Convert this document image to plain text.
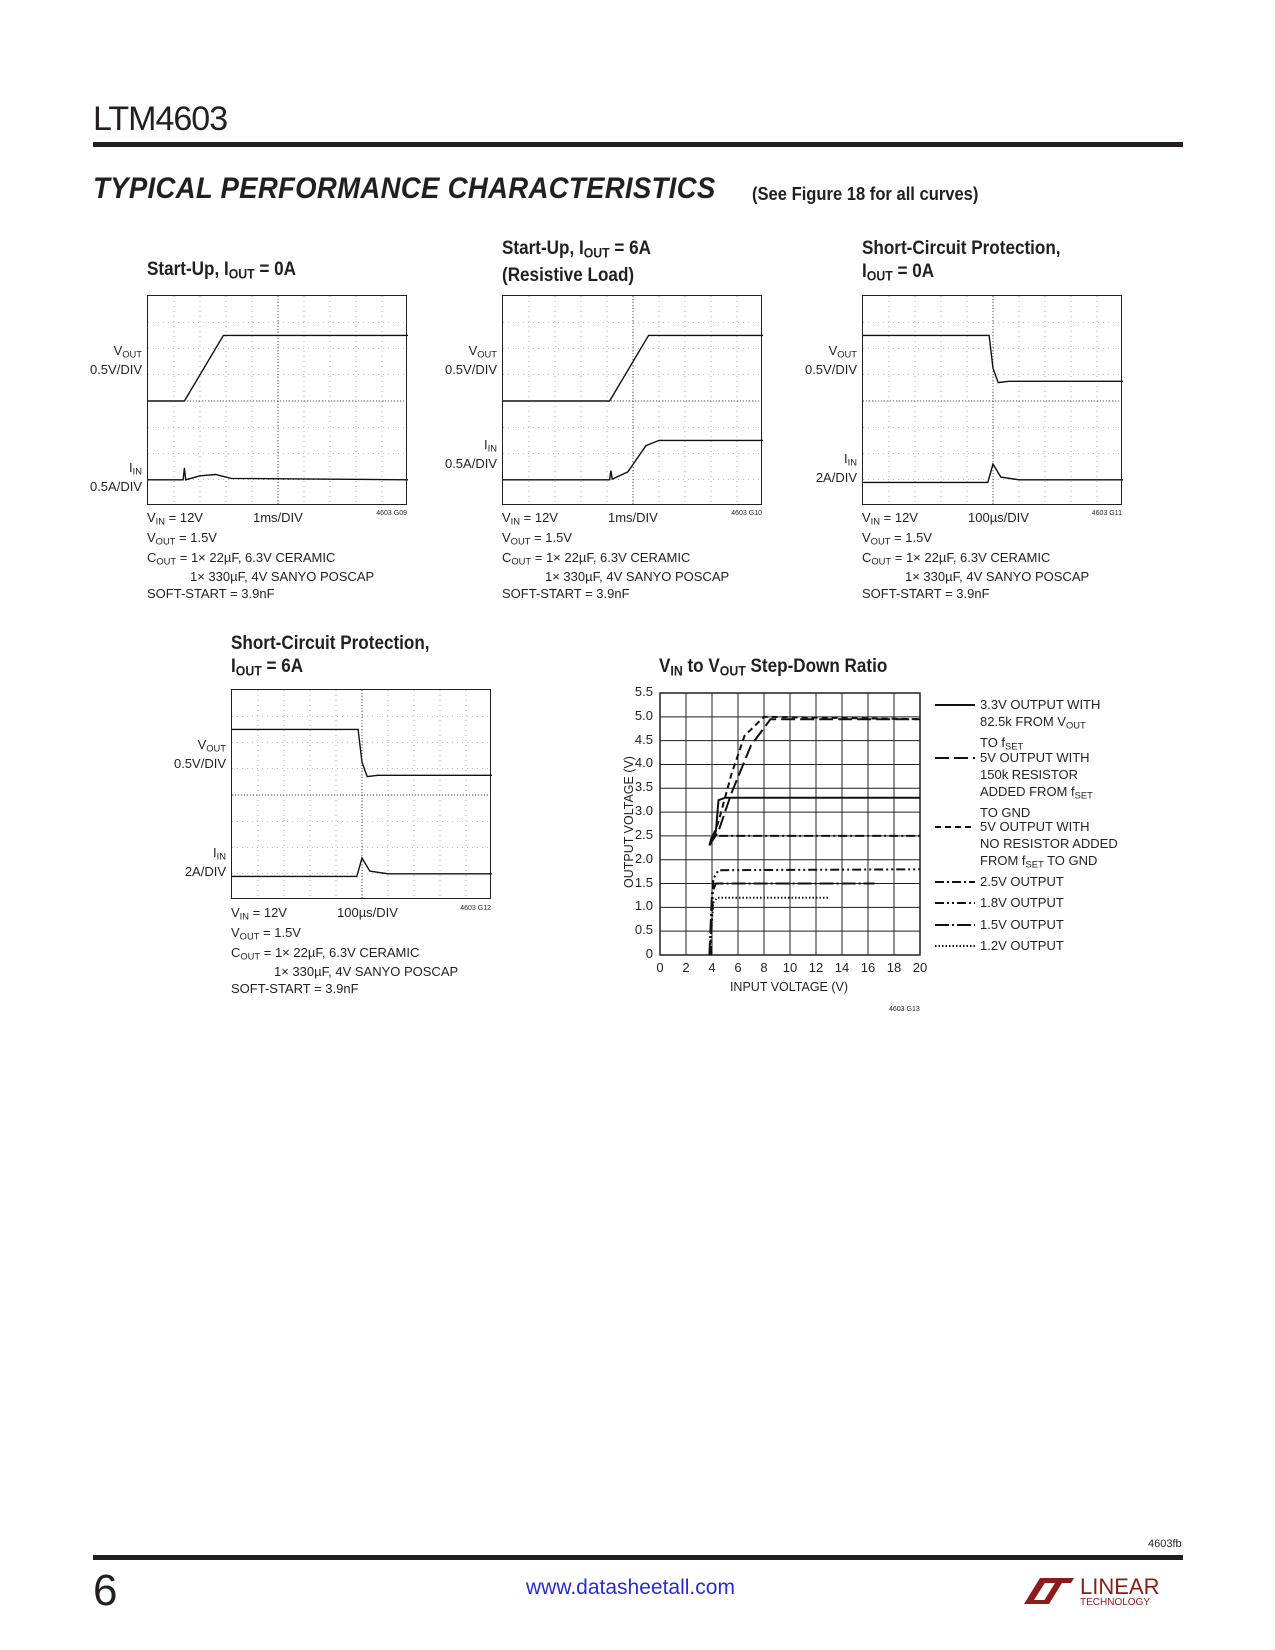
LTM4603
TYPICAL PERFORMANCE CHARACTERISTICS (See Figure 18 for all curves)
Start-Up, $I_{OUT} = 0A$
$V_{OUT}$
0.5V/DIV
$I_{IN}$
0.5A/DIV
$V_{IN} = 12V$	1ms/DIV	4603 G09
$V_{OUT} = 1.5V$
$C_{OUT} = 1\times 22\mu F$, 6.3V CERAMIC
1× 330µF, 4V SANYO POSCAP
SOFT-START = 3.9nF
Start-Up, $I_{OUT} = 6A$
(Resistive Load)
$V_{OUT}$
0.5V/DIV
$I_{IN}$
0.5A/DIV
$V_{IN} = 12V$	1ms/DIV	4603 G10
$V_{OUT} = 1.5V$
$C_{OUT} = 1\times 22\mu F$, 6.3V CERAMIC
1× 330µF, 4V SANYO POSCAP
SOFT-START = 3.9nF
Short-Circuit Protection,
$I_{OUT} = 0A$
$V_{OUT}$
0.5V/DIV
$I_{IN}$
2A/DIV
$V_{IN} = 12V$	100µs/DIV	4603 G11
$V_{OUT} = 1.5V$
$C_{OUT} = 1\times 22\mu F$, 6.3V CERAMIC
1× 330µF, 4V SANYO POSCAP
SOFT-START = 3.9nF
Short-Circuit Protection,
$I_{OUT} = 6A$
$V_{OUT}$
0.5V/DIV
$I_{IN}$
2A/DIV
$V_{IN} = 12V$	100µs/DIV	4603 G12
$V_{OUT} = 1.5V$
$C_{OUT} = 1\times 22\mu F$, 6.3V CERAMIC
1× 330µF, 4V SANYO POSCAP
SOFT-START = 3.9nF
$V_{IN}$ to $V_{OUT}$ Step-Down Ratio
0
0.5
1.0
1.5
2.0
2.5
3.0
3.5
4.0
4.5
5.0
5.5
0	2	4	6	8	10 12 14 16 18 20
INPUT VOLTAGE (V)
OUTPUT VOLTAGE (V)
4603 G13
3.3V OUTPUT WITH
82.5k FROM $V_{OUT}$
TO $f_{SET}$
5V OUTPUT WITH
150k RESISTOR
ADDED FROM $f_{SET}$
TO GND
5V OUTPUT WITH
NO RESISTOR ADDED
FROM $f_{SET}$ TO GND
2.5V OUTPUT
1.8V OUTPUT
1.5V OUTPUT
1.2V OUTPUT
4603fb
6	www.datasheetall.com	LINEAR
TECHNOLOGY
